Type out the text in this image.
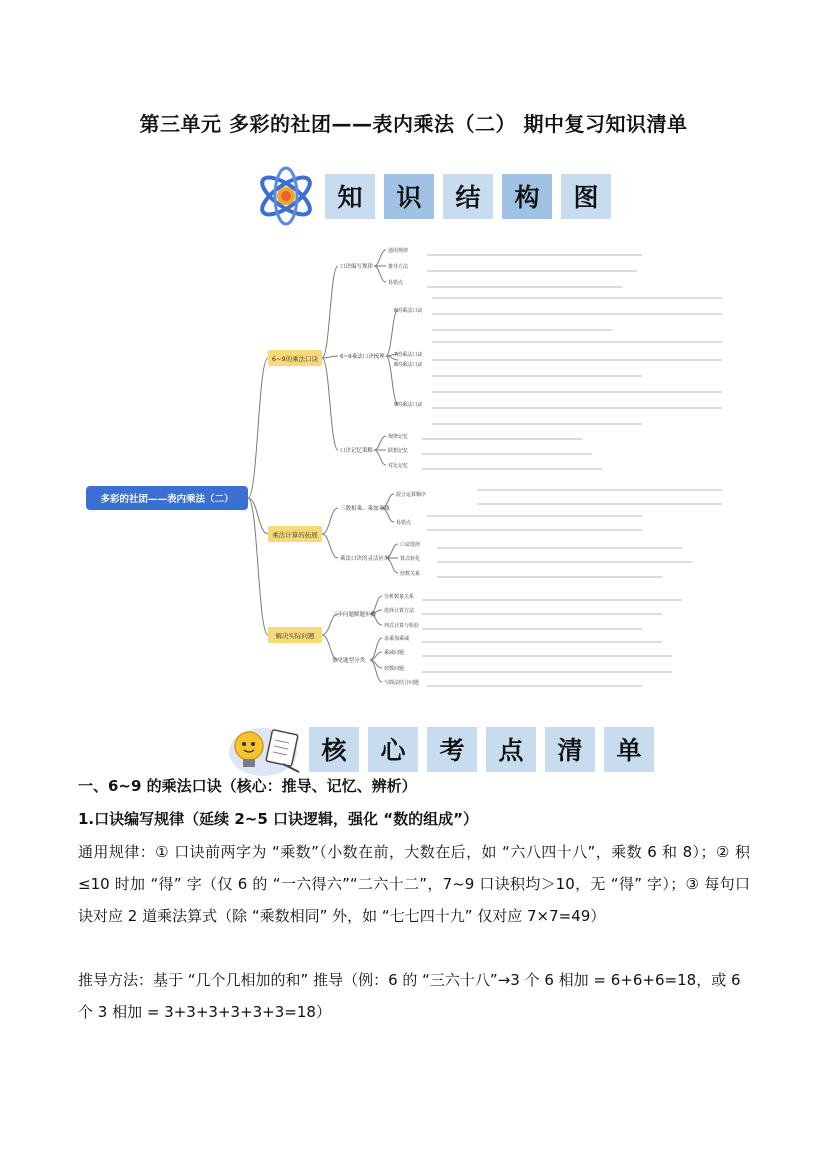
第三单元 多彩的社团——表内乘法（二） 期中复习知识清单
知	识	结	构	图
多彩的社团——表内乘法（二）
6~9的乘法口诀
乘法计算的拓展
解决实际问题
口诀编写规律
6~9乘法口诀梳理
口诀记忆策略
三数相乘、乘加乘减
乘法口诀的灵活应用
三步问题解题步骤
常见题型分类
通用规律
推导方法
易错点
6的乘法口诀
7的乘法口诀
8的乘法口诀
9的乘法口诀
规律记忆
联想记忆
对比记忆
混合运算顺序
易错点
口诀选择
算式转化
倍数关系
分析数量关系
选择计算方法
列式计算与检验
求乘加乘减
乘减问题
倍数问题
与除法结合问题
核	心	考	点	清	单
一、6~9 的乘法口诀（核心：推导、记忆、辨析）
1.口诀编写规律（延续 2~5 口诀逻辑，强化 “数的组成”）
通用规律：① 口诀前两字为 “乘数”（小数在前，大数在后，如 “六八四十八”，乘数 6 和 8）；② 积≤10 时加 “得” 字（仅 6 的 “一六得六”“二六十二”，7~9 口诀积均＞10，无 “得” 字）；③ 每句口诀对应 2 道乘法算式（除 “乘数相同” 外，如 “七七四十九” 仅对应 7×7=49）
推导方法：基于 “几个几相加的和” 推导（例：6 的 “三六十八”→3 个 6 相加 = 6+6+6=18，或 6 个 3 相加 = 3+3+3+3+3+3=18）
